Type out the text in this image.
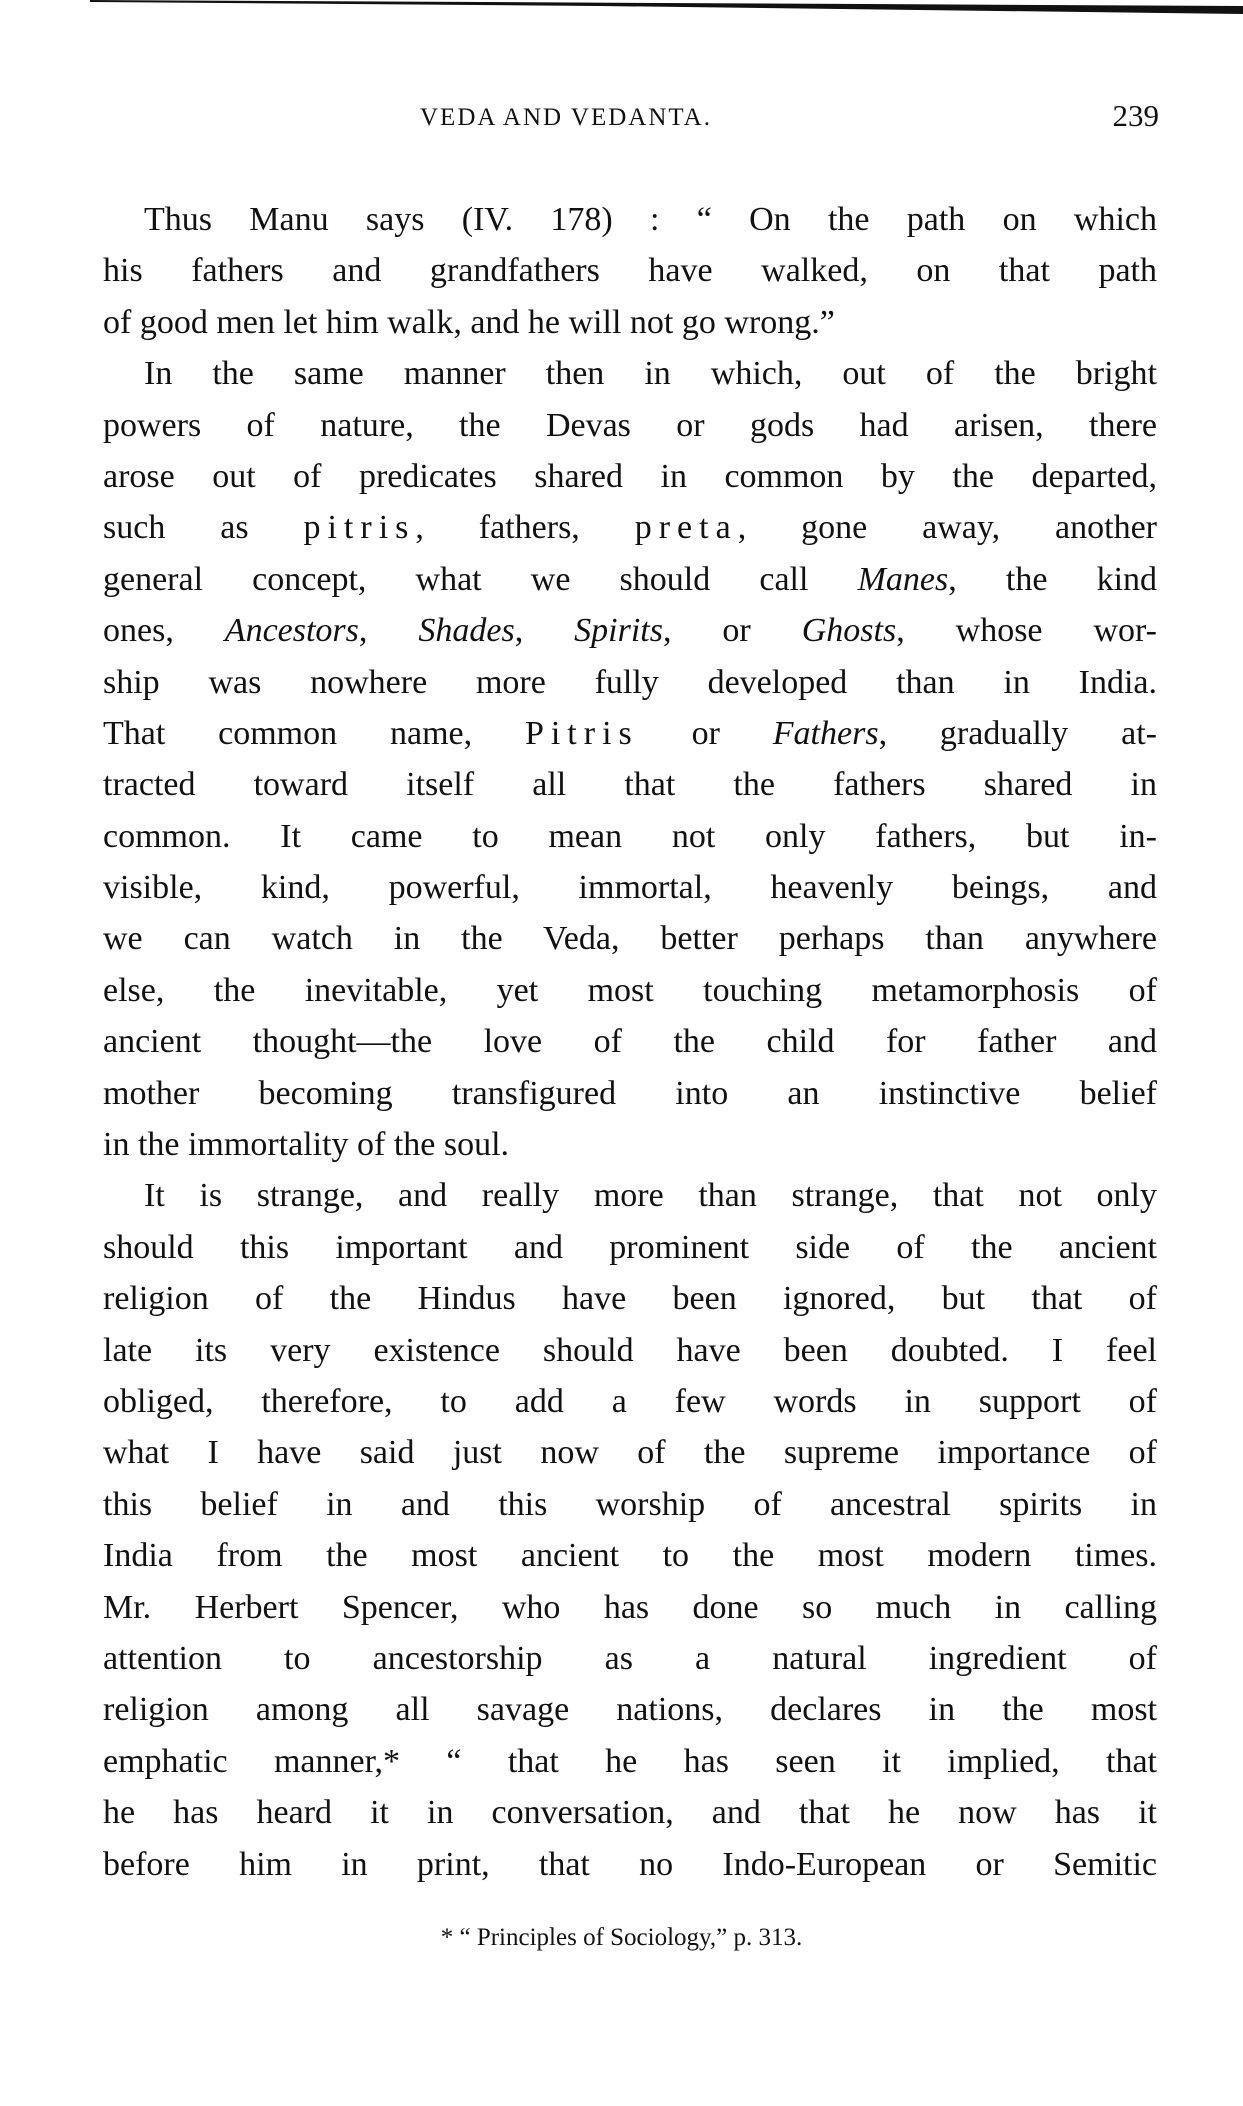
VEDA AND VEDANTA.	239
Thus Manu says (IV. 178) : “ On the path on which
his fathers and grandfathers have walked, on that path
of good men let him walk, and he will not go wrong.”
In the same manner then in which, out of the bright
powers of nature, the Devas or gods had arisen, there
arose out of predicates shared in common by the departed,
such as pitris, fathers, preta, gone away, another
general concept, what we should call Manes, the kind
ones, Ancestors, Shades, Spirits, or Ghosts, whose wor-
ship was nowhere more fully developed than in India.
That common name, Pitris or Fathers, gradually at-
tracted toward itself all that the fathers shared in
common. It came to mean not only fathers, but in-
visible, kind, powerful, immortal, heavenly beings, and
we can watch in the Veda, better perhaps than anywhere
else, the inevitable, yet most touching metamorphosis of
ancient thought—the love of the child for father and
mother becoming transfigured into an instinctive belief
in the immortality of the soul.
It is strange, and really more than strange, that not only
should this important and prominent side of the ancient
religion of the Hindus have been ignored, but that of
late its very existence should have been doubted. I feel
obliged, therefore, to add a few words in support of
what I have said just now of the supreme importance of
this belief in and this worship of ancestral spirits in
India from the most ancient to the most modern times.
Mr. Herbert Spencer, who has done so much in calling
attention to ancestorship as a natural ingredient of
religion among all savage nations, declares in the most
emphatic manner,* “ that he has seen it implied, that
he has heard it in conversation, and that he now has it
before him in print, that no Indo-European or Semitic
* “ Principles of Sociology,” p. 313.
